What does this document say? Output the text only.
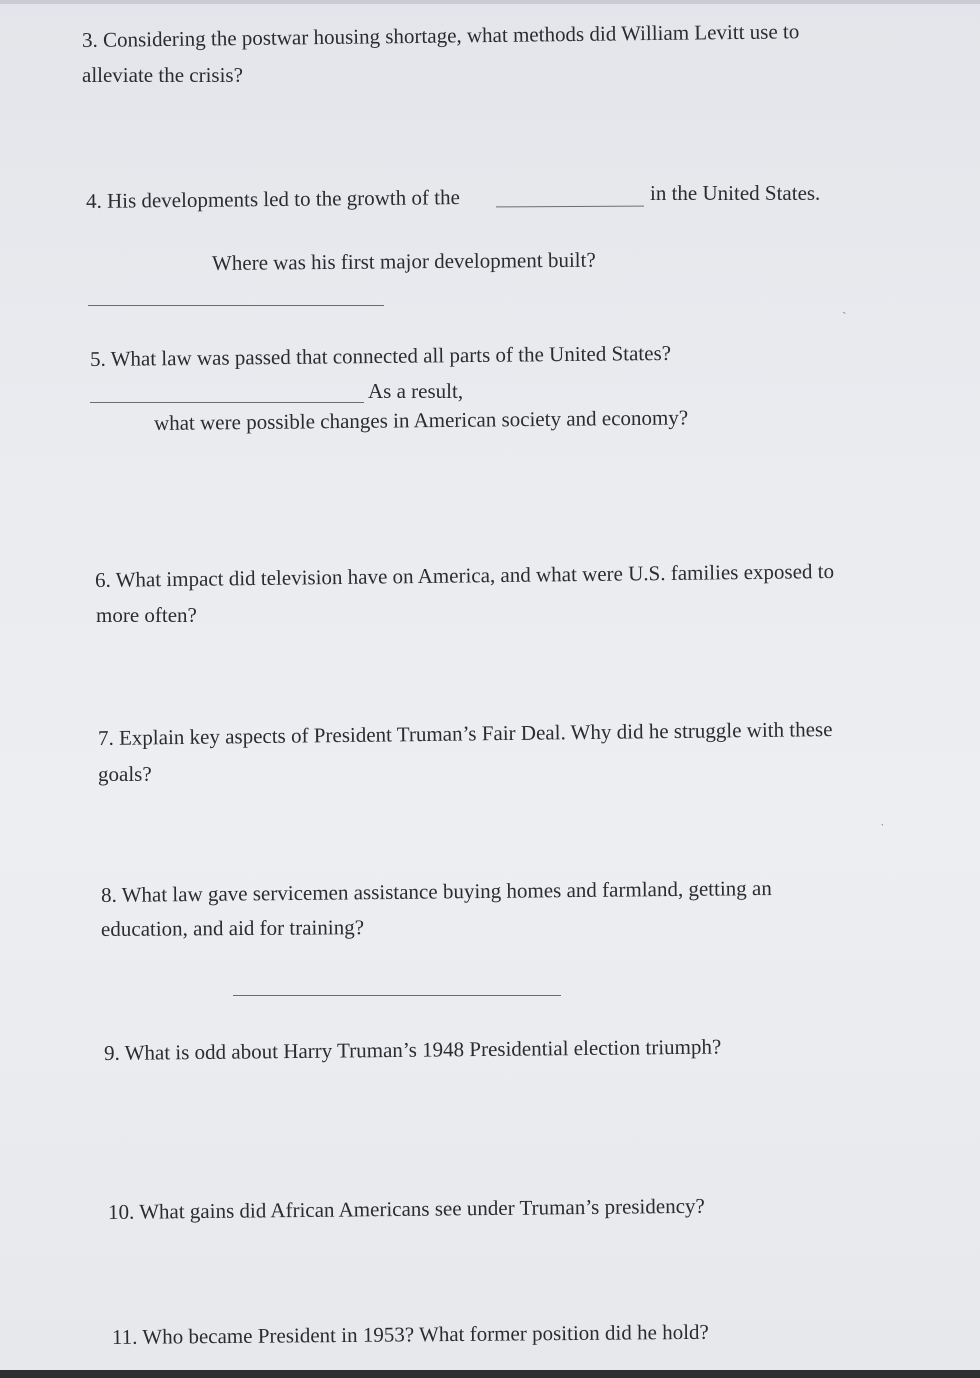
3. Considering the postwar housing shortage, what methods did William Levitt use to
alleviate the crisis?
4. His developments led to the growth of the	in the United States.
Where was his first major development built?
5. What law was passed that connected all parts of the United States?
As a result,
what were possible changes in American society and economy?
6. What impact did television have on America, and what were U.S. families exposed to
more often?
7. Explain key aspects of President Truman’s Fair Deal. Why did he struggle with these
goals?
8. What law gave servicemen assistance buying homes and farmland, getting an
education, and aid for training?
9. What is odd about Harry Truman’s 1948 Presidential election triumph?
10. What gains did African Americans see under Truman’s presidency?
11. Who became President in 1953? What former position did he hold?
ˏ
˙
